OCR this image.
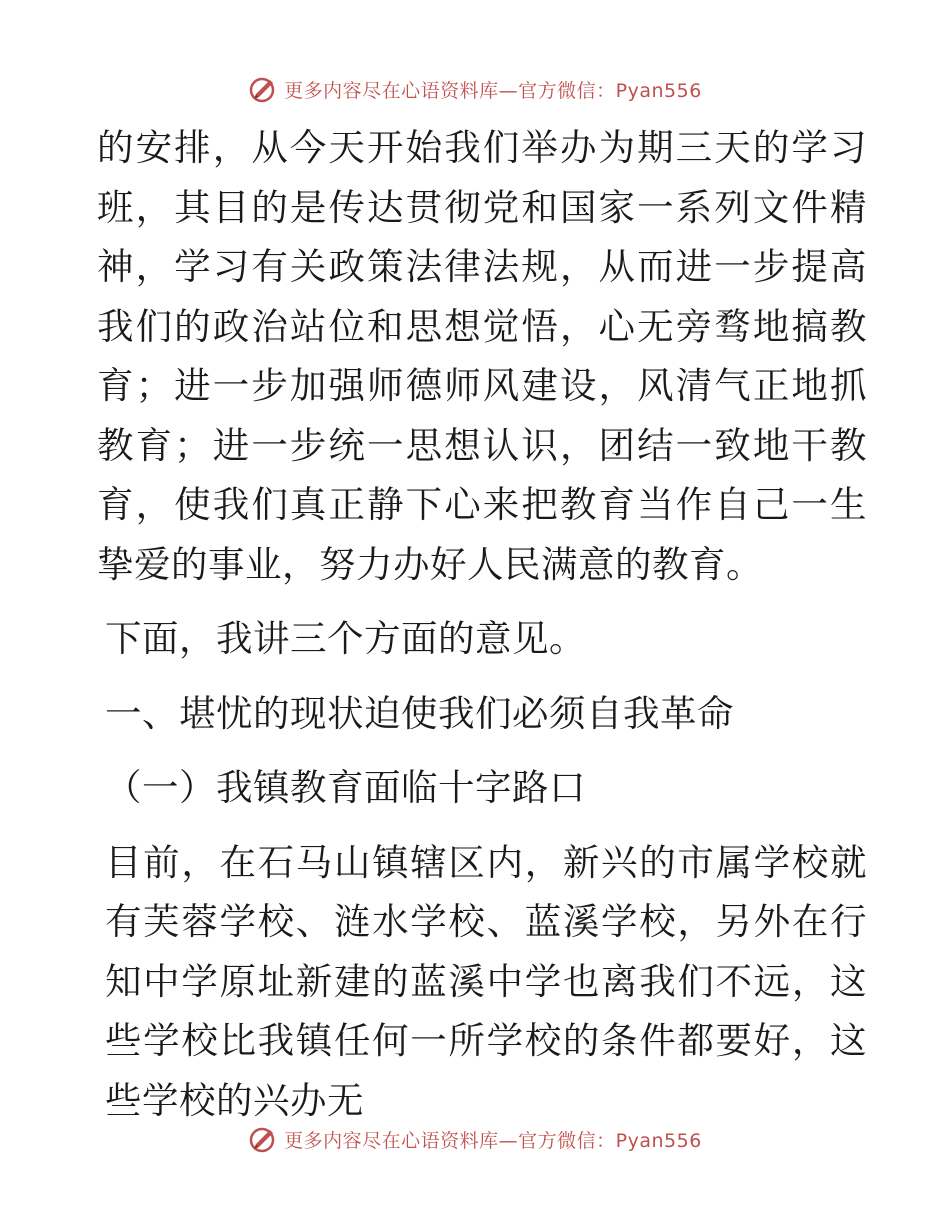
更多内容尽在心语资料库—官方微信：Pyan556

的安排，从今天开始我们举办为期三天的学习班，其目的是传达贯彻党和国家一系列文件精神，学习有关政策法律法规，从而进一步提高我们的政治站位和思想觉悟，心无旁骛地搞教育；进一步加强师德师风建设，风清气正地抓教育；进一步统一思想认识，团结一致地干教育，使我们真正静下心来把教育当作自己一生挚爱的事业，努力办好人民满意的教育。

下面，我讲三个方面的意见。

一、堪忧的现状迫使我们必须自我革命

（一）我镇教育面临十字路口

目前，在石马山镇辖区内，新兴的市属学校就有芙蓉学校、涟水学校、蓝溪学校，另外在行知中学原址新建的蓝溪中学也离我们不远，这些学校比我镇任何一所学校的条件都要好，这些学校的兴办无

更多内容尽在心语资料库—官方微信：Pyan556
